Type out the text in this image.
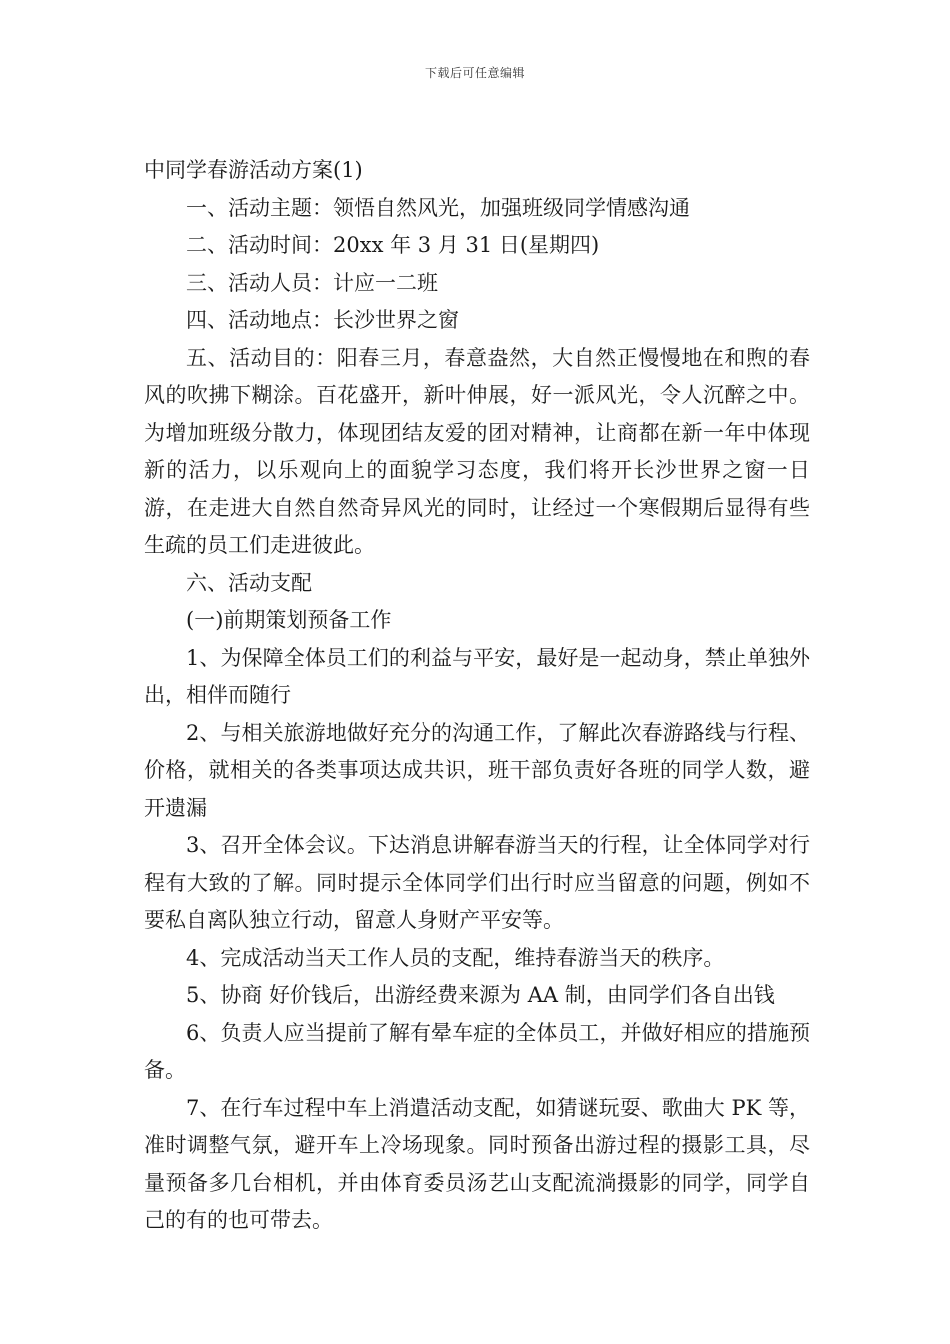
下载后可任意编辑

中同学春游活动方案(1)

一、活动主题：领悟自然风光，加强班级同学情感沟通

二、活动时间：20xx 年 3 月 31 日(星期四)

三、活动人员：计应一二班

四、活动地点：长沙世界之窗

五、活动目的：阳春三月，春意盎然，大自然正慢慢地在和煦的春风的吹拂下糊涂。百花盛开，新叶伸展，好一派风光，令人沉醉之中。为增加班级分散力，体现团结友爱的团对精神，让商都在新一年中体现新的活力，以乐观向上的面貌学习态度，我们将开长沙世界之窗一日游，在走进大自然自然奇异风光的同时，让经过一个寒假期后显得有些生疏的员工们走进彼此。

六、活动支配

(一)前期策划预备工作

1、为保障全体员工们的利益与平安，最好是一起动身，禁止单独外出，相伴而随行

2、与相关旅游地做好充分的沟通工作，了解此次春游路线与行程、价格，就相关的各类事项达成共识，班干部负责好各班的同学人数，避开遗漏

3、召开全体会议。下达消息讲解春游当天的行程，让全体同学对行程有大致的了解。同时提示全体同学们出行时应当留意的问题，例如不要私自离队独立行动，留意人身财产平安等。

4、完成活动当天工作人员的支配，维持春游当天的秩序。

5、协商 好价钱后，出游经费来源为 AA 制，由同学们各自出钱

6、负责人应当提前了解有晕车症的全体员工，并做好相应的措施预备。

7、在行车过程中车上消遣活动支配，如猜谜玩耍、歌曲大 PK 等，准时调整气氛，避开车上冷场现象。同时预备出游过程的摄影工具，尽量预备多几台相机，并由体育委员汤艺山支配流淌摄影的同学，同学自己的有的也可带去。
